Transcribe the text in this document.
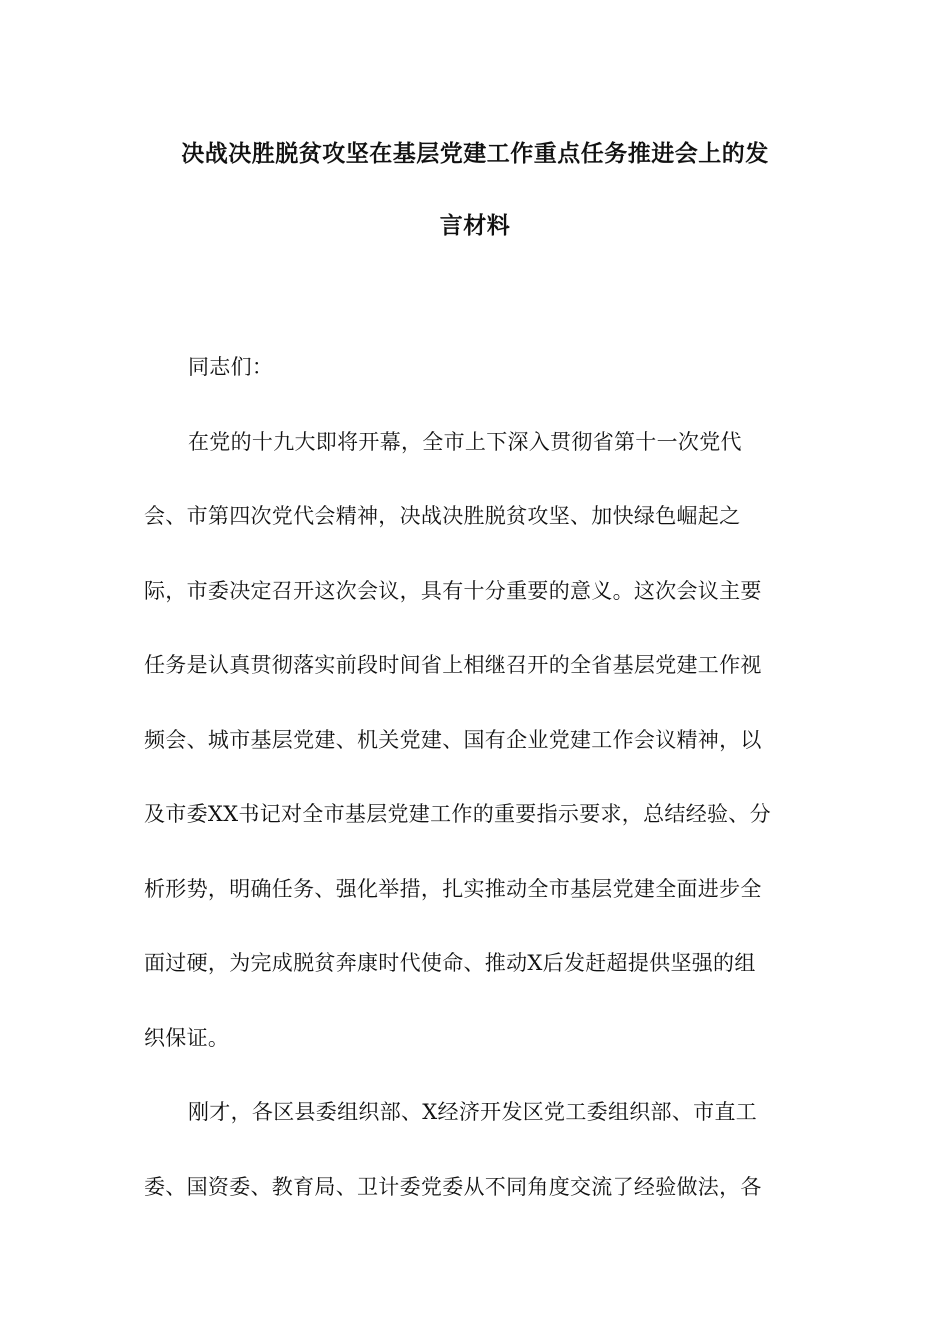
决战决胜脱贫攻坚在基层党建工作重点任务推进会上的发
言材料

同志们：

在党的十九大即将开幕，全市上下深入贯彻省第十一次党代
会、市第四次党代会精神，决战决胜脱贫攻坚、加快绿色崛起之
际，市委决定召开这次会议，具有十分重要的意义。这次会议主要
任务是认真贯彻落实前段时间省上相继召开的全省基层党建工作视
频会、城市基层党建、机关党建、国有企业党建工作会议精神，以
及市委XX书记对全市基层党建工作的重要指示要求，总结经验、分
析形势，明确任务、强化举措，扎实推动全市基层党建全面进步全
面过硬，为完成脱贫奔康时代使命、推动X后发赶超提供坚强的组
织保证。

刚才，各区县委组织部、X经济开发区党工委组织部、市直工
委、国资委、教育局、卫计委党委从不同角度交流了经验做法，各
